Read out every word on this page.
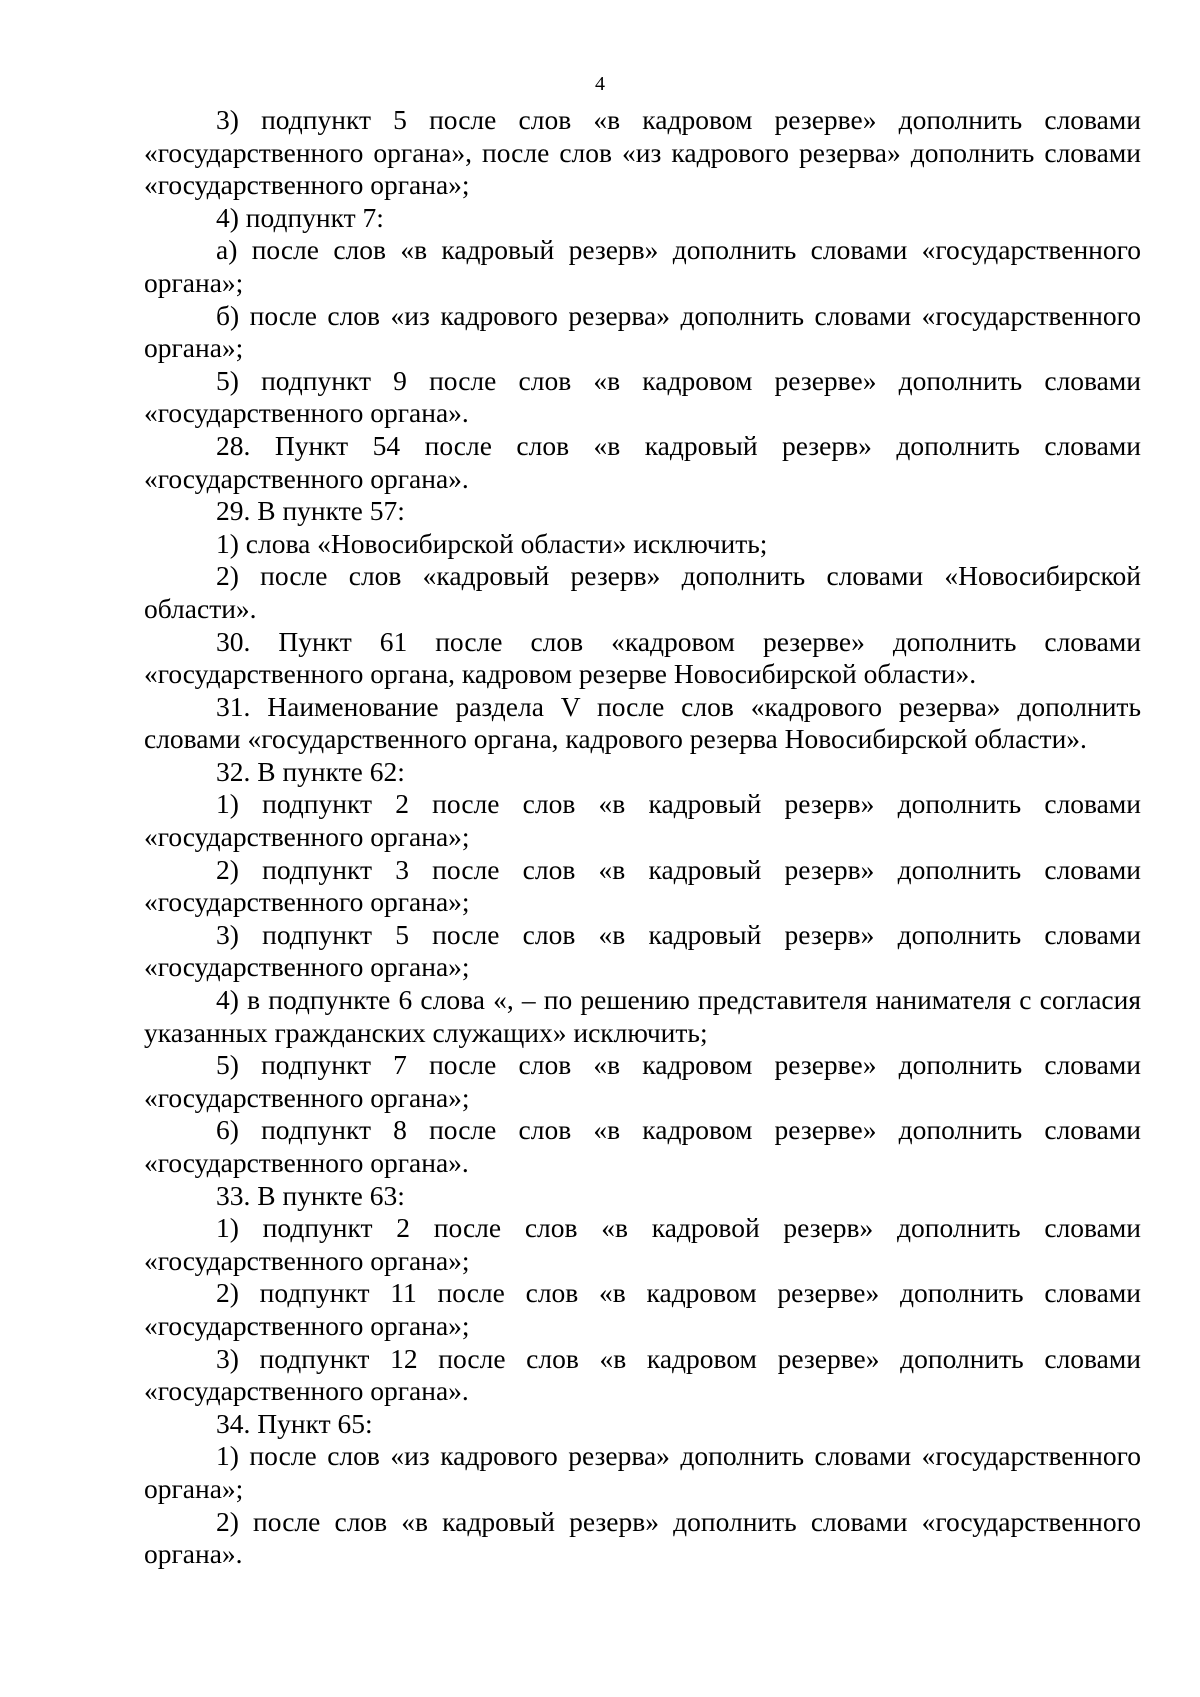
4

3) подпункт 5 после слов «в кадровом резерве» дополнить словами «государственного органа», после слов «из кадрового резерва» дополнить словами «государственного органа»;

4) подпункт 7:

а) после слов «в кадровый резерв» дополнить словами «государственного органа»;

б) после слов «из кадрового резерва» дополнить словами «государственного органа»;

5) подпункт 9 после слов «в кадровом резерве» дополнить словами «государственного органа».

28. Пункт 54 после слов «в кадровый резерв» дополнить словами «государственного органа».

29. В пункте 57:

1) слова «Новосибирской области» исключить;

2) после слов «кадровый резерв» дополнить словами «Новосибирской области».

30. Пункт 61 после слов «кадровом резерве» дополнить словами «государственного органа, кадровом резерве Новосибирской области».

31. Наименование раздела V после слов «кадрового резерва» дополнить словами «государственного органа, кадрового резерва Новосибирской области».

32. В пункте 62:

1) подпункт 2 после слов «в кадровый резерв» дополнить словами «государственного органа»;

2) подпункт 3 после слов «в кадровый резерв» дополнить словами «государственного органа»;

3) подпункт 5 после слов «в кадровый резерв» дополнить словами «государственного органа»;

4) в подпункте 6 слова «, – по решению представителя нанимателя с согласия указанных гражданских служащих» исключить;

5) подпункт 7 после слов «в кадровом резерве» дополнить словами «государственного органа»;

6) подпункт 8 после слов «в кадровом резерве» дополнить словами «государственного органа».

33. В пункте 63:

1) подпункт 2 после слов «в кадровой резерв» дополнить словами «государственного органа»;

2) подпункт 11 после слов «в кадровом резерве» дополнить словами «государственного органа»;

3) подпункт 12 после слов «в кадровом резерве» дополнить словами «государственного органа».

34. Пункт 65:

1) после слов «из кадрового резерва» дополнить словами «государственного органа»;

2) после слов «в кадровый резерв» дополнить словами «государственного органа».
